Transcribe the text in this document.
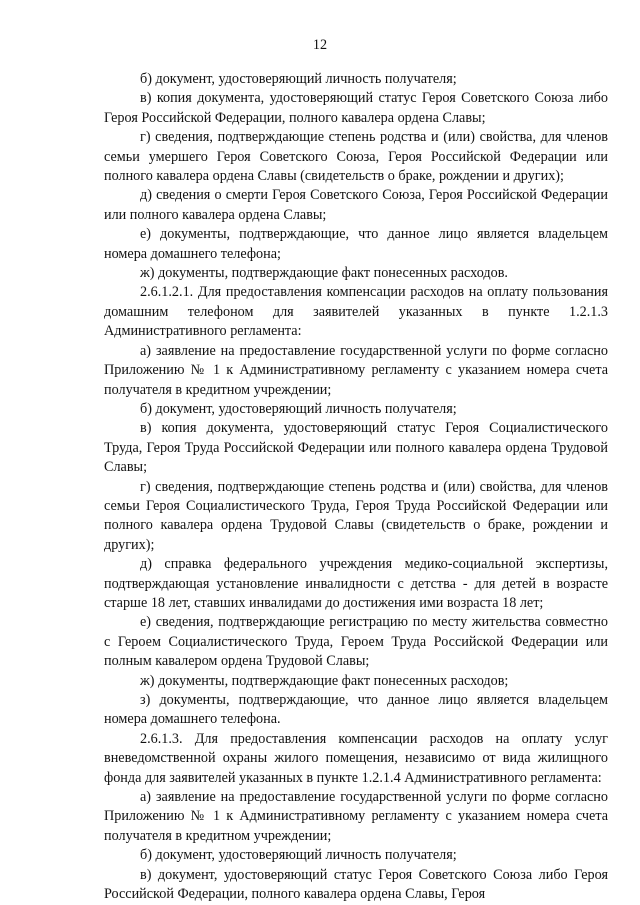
12

б) документ, удостоверяющий личность получателя;

в) копия документа, удостоверяющий статус Героя Советского Союза либо Героя Российской Федерации, полного кавалера ордена Славы;

г) сведения, подтверждающие степень родства и (или) свойства, для членов семьи умершего Героя Советского Союза, Героя Российской Федерации или полного кавалера ордена Славы (свидетельств о браке, рождении и других);

д) сведения о смерти Героя Советского Союза, Героя Российской Федерации или полного кавалера ордена Славы;

е) документы, подтверждающие, что данное лицо является владельцем номера домашнего телефона;

ж) документы, подтверждающие факт понесенных расходов.

2.6.1.2.1. Для предоставления компенсации расходов на оплату пользования домашним телефоном для заявителей указанных в пункте 1.2.1.3 Административного регламента:

а) заявление на предоставление государственной услуги по форме согласно Приложению № 1 к Административному регламенту с указанием номера счета получателя в кредитном учреждении;

б) документ, удостоверяющий личность получателя;

в) копия документа, удостоверяющий статус Героя Социалистического Труда, Героя Труда Российской Федерации или полного кавалера ордена Трудовой Славы;

г) сведения, подтверждающие степень родства и (или) свойства, для членов семьи Героя Социалистического Труда, Героя Труда Российской Федерации или полного кавалера ордена Трудовой Славы (свидетельств о браке, рождении и других);

д) справка федерального учреждения медико-социальной экспертизы, подтверждающая установление инвалидности с детства - для детей в возрасте старше 18 лет, ставших инвалидами до достижения ими возраста 18 лет;

е) сведения, подтверждающие регистрацию по месту жительства совместно с Героем Социалистического Труда, Героем Труда Российской Федерации или полным кавалером ордена Трудовой Славы;

ж) документы, подтверждающие факт понесенных расходов;

з) документы, подтверждающие, что данное лицо является владельцем номера домашнего телефона.

2.6.1.3. Для предоставления компенсации расходов на оплату услуг вневедомственной охраны жилого помещения, независимо от вида жилищного фонда для заявителей указанных в пункте 1.2.1.4 Административного регламента:

а) заявление на предоставление государственной услуги по форме согласно Приложению № 1 к Административному регламенту с указанием номера счета получателя в кредитном учреждении;

б) документ, удостоверяющий личность получателя;

в) документ, удостоверяющий статус Героя Советского Союза либо Героя Российской Федерации, полного кавалера ордена Славы, Героя
